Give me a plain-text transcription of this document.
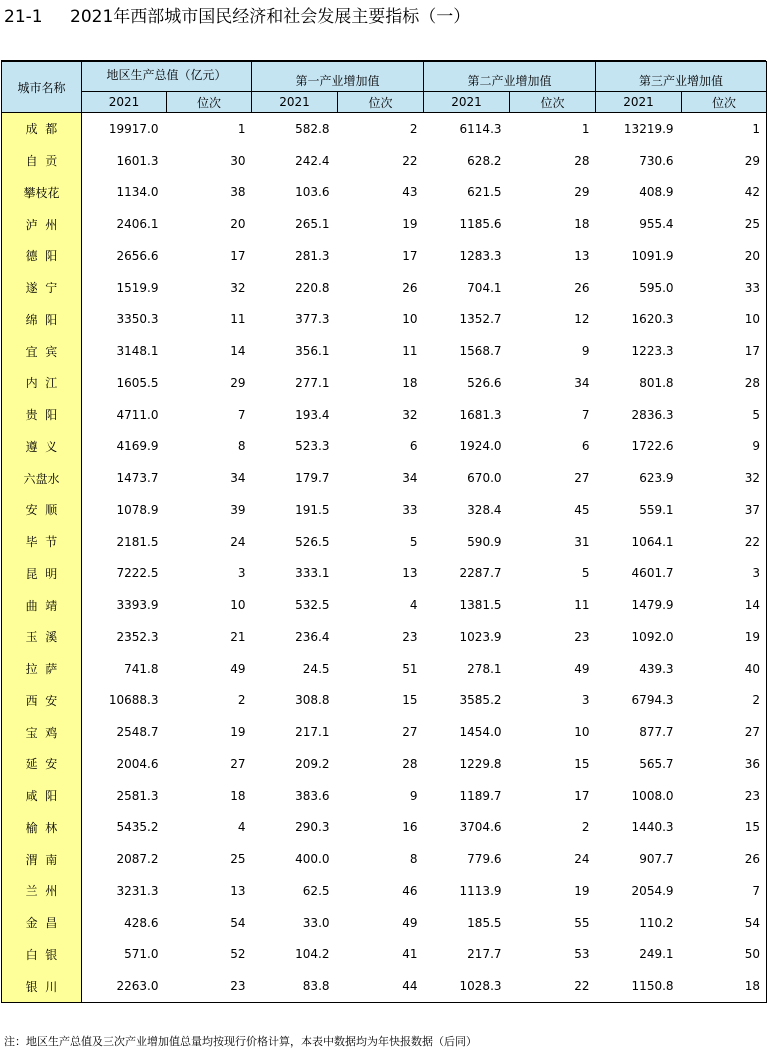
21-1 2021年西部城市国民经济和社会发展主要指标（一）
城市名称	地区生产总值（亿元）		第一产业增加值		第二产业增加值		第三产业增加值	

	2021	位次	2021	位次	2021	位次	2021	位次
成  都	19917.0	1	582.8	2	6114.3	1	13219.9	1
自  贡	1601.3	30	242.4	22	628.2	28	730.6	29
攀枝花	1134.0	38	103.6	43	621.5	29	408.9	42
泸  州	2406.1	20	265.1	19	1185.6	18	955.4	25
德  阳	2656.6	17	281.3	17	1283.3	13	1091.9	20
遂  宁	1519.9	32	220.8	26	704.1	26	595.0	33
绵  阳	3350.3	11	377.3	10	1352.7	12	1620.3	10
宜  宾	3148.1	14	356.1	11	1568.7	9	1223.3	17
内  江	1605.5	29	277.1	18	526.6	34	801.8	28
贵  阳	4711.0	7	193.4	32	1681.3	7	2836.3	5
遵  义	4169.9	8	523.3	6	1924.0	6	1722.6	9
六盘水	1473.7	34	179.7	34	670.0	27	623.9	32
安  顺	1078.9	39	191.5	33	328.4	45	559.1	37
毕  节	2181.5	24	526.5	5	590.9	31	1064.1	22
昆  明	7222.5	3	333.1	13	2287.7	5	4601.7	3
曲  靖	3393.9	10	532.5	4	1381.5	11	1479.9	14
玉  溪	2352.3	21	236.4	23	1023.9	23	1092.0	19
拉  萨	741.8	49	24.5	51	278.1	49	439.3	40
西  安	10688.3	2	308.8	15	3585.2	3	6794.3	2
宝  鸡	2548.7	19	217.1	27	1454.0	10	877.7	27
延  安	2004.6	27	209.2	28	1229.8	15	565.7	36
咸  阳	2581.3	18	383.6	9	1189.7	17	1008.0	23
榆  林	5435.2	4	290.3	16	3704.6	2	1440.3	15
渭  南	2087.2	25	400.0	8	779.6	24	907.7	26
兰  州	3231.3	13	62.5	46	1113.9	19	2054.9	7
金  昌	428.6	54	33.0	49	185.5	55	110.2	54
白  银	571.0	52	104.2	41	217.7	53	249.1	50
银  川	2263.0	23	83.8	44	1028.3	22	1150.8	18
注：地区生产总值及三次产业增加值总量均按现行价格计算，本表中数据均为年快报数据（后同）
